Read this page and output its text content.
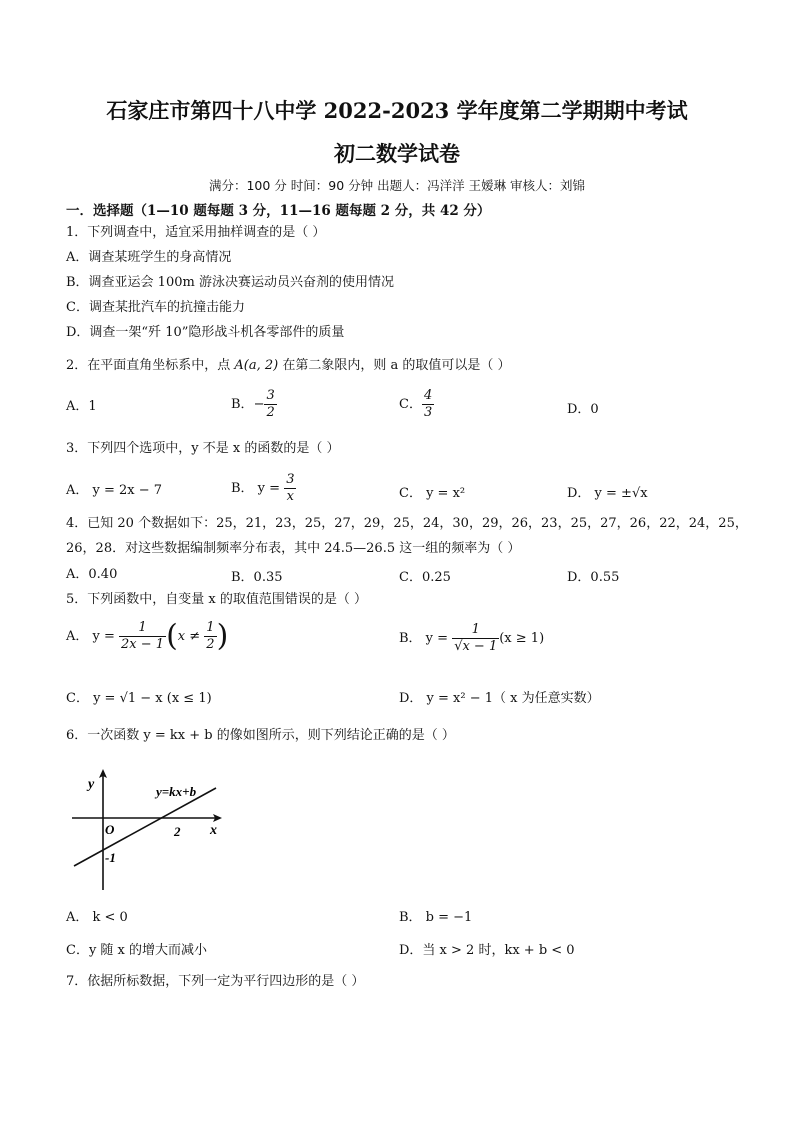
石家庄市第四十八中学 2022-2023 学年度第二学期期中考试
初二数学试卷
满分：100 分 时间：90 分钟 出题人：冯洋洋 王嫒琳 审核人：刘锦
一．选择题（1—10 题每题 3 分，11—16 题每题 2 分，共 42 分）
1．下列调查中，适宜采用抽样调查的是（ ）
A．调查某班学生的身高情况
B．调查亚运会 100m 游泳决赛运动员兴奋剂的使用情况
C．调查某批汽车的抗撞击能力
D．调查一架“歼 10”隐形战斗机各零部件的质量
2．在平面直角坐标系中，点 A(a, 2) 在第二象限内，则 a 的取值可以是（ ）
A．1	B．− $\frac{3}{2}$	C． $\frac{4}{3}$	D．0
3．下列四个选项中，y 不是 x 的函数的是（ ）
A． y = 2x − 7	B． $y = \frac{3}{x}$	C． y = x²	D． y = ±√x
4．已知 20 个数据如下：25，21，23，25，27，29，25，24，30，29，26，23，25，27，26，22，24，25，
26，28．对这些数据编制频率分布表，其中 24.5—26.5 这一组的频率为（ ）
A．0.40	B．0.35	C．0.25	D．0.55
5．下列函数中，自变量 x 的取值范围错误的是（ ）
A． $y = \frac{1}{2x - 1} (x \ne \frac{1}{2}$ )	B． $y = \frac{1}{√x - 1} (x \ge 1)$
C． y = √1 − x (x ≤ 1)	D． y = x² − 1（ x 为任意实数）
6．一次函数 y = kx + b 的像如图所示，则下列结论正确的是（ ）
y
x
O
y=kx+b
2
-1
A． k < 0	B． b = −1
C．y 随 x 的增大而减小	D．当 x > 2 时，kx + b < 0
7．依据所标数据，下列一定为平行四边形的是（ ）
